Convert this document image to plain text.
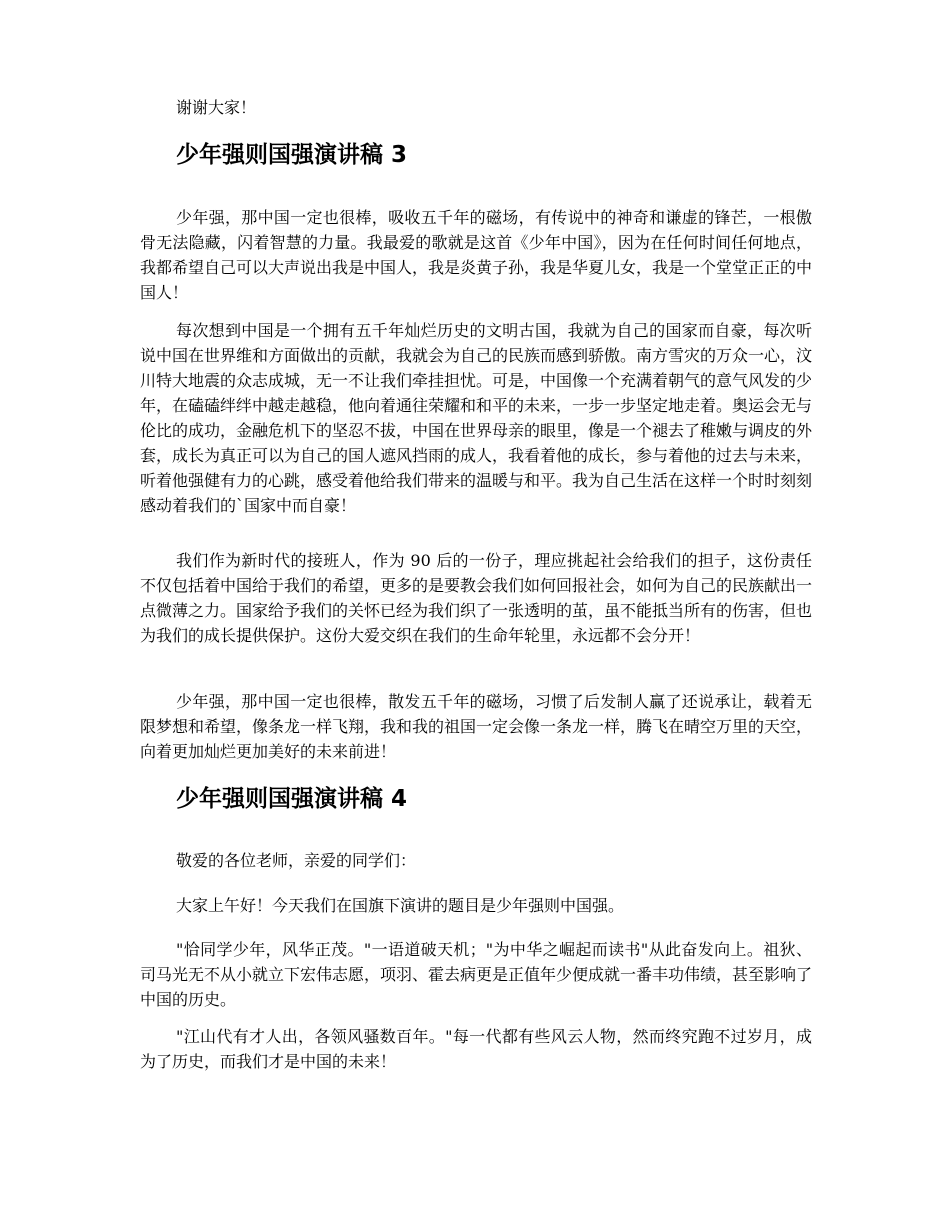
谢谢大家！

少年强则国强演讲稿 3

少年强，那中国一定也很棒，吸收五千年的磁场，有传说中的神奇和谦虚的锋芒，一根傲骨无法隐藏，闪着智慧的力量。我最爱的歌就是这首《少年中国》，因为在任何时间任何地点，我都希望自己可以大声说出我是中国人，我是炎黄子孙，我是华夏儿女，我是一个堂堂正正的中国人！

每次想到中国是一个拥有五千年灿烂历史的文明古国，我就为自己的国家而自豪，每次听说中国在世界维和方面做出的贡献，我就会为自己的民族而感到骄傲。南方雪灾的万众一心，汶川特大地震的众志成城，无一不让我们牵挂担忧。可是，中国像一个充满着朝气的意气风发的少年，在磕磕绊绊中越走越稳，他向着通往荣耀和和平的未来，一步一步坚定地走着。奥运会无与伦比的成功，金融危机下的坚忍不拔，中国在世界母亲的眼里，像是一个褪去了稚嫩与调皮的外套，成长为真正可以为自己的国人遮风挡雨的成人，我看着他的成长，参与着他的过去与未来，听着他强健有力的心跳，感受着他给我们带来的温暖与和平。我为自己生活在这样一个时时刻刻感动着我们的`国家中而自豪！

我们作为新时代的接班人，作为 90 后的一份子，理应挑起社会给我们的担子，这份责任不仅包括着中国给于我们的希望，更多的是要教会我们如何回报社会，如何为自己的民族献出一点微薄之力。国家给予我们的关怀已经为我们织了一张透明的茧，虽不能抵当所有的伤害，但也为我们的成长提供保护。这份大爱交织在我们的生命年轮里，永远都不会分开！

少年强，那中国一定也很棒，散发五千年的磁场，习惯了后发制人赢了还说承让，载着无限梦想和希望，像条龙一样飞翔，我和我的祖国一定会像一条龙一样，腾飞在晴空万里的天空，向着更加灿烂更加美好的未来前进！

少年强则国强演讲稿 4

敬爱的各位老师，亲爱的同学们：

大家上午好！今天我们在国旗下演讲的题目是少年强则中国强。

"恰同学少年，风华正茂。"一语道破天机；"为中华之崛起而读书"从此奋发向上。祖狄、司马光无不从小就立下宏伟志愿，项羽、霍去病更是正值年少便成就一番丰功伟绩，甚至影响了中国的历史。

"江山代有才人出，各领风骚数百年。"每一代都有些风云人物，然而终究跑不过岁月，成为了历史，而我们才是中国的未来！
